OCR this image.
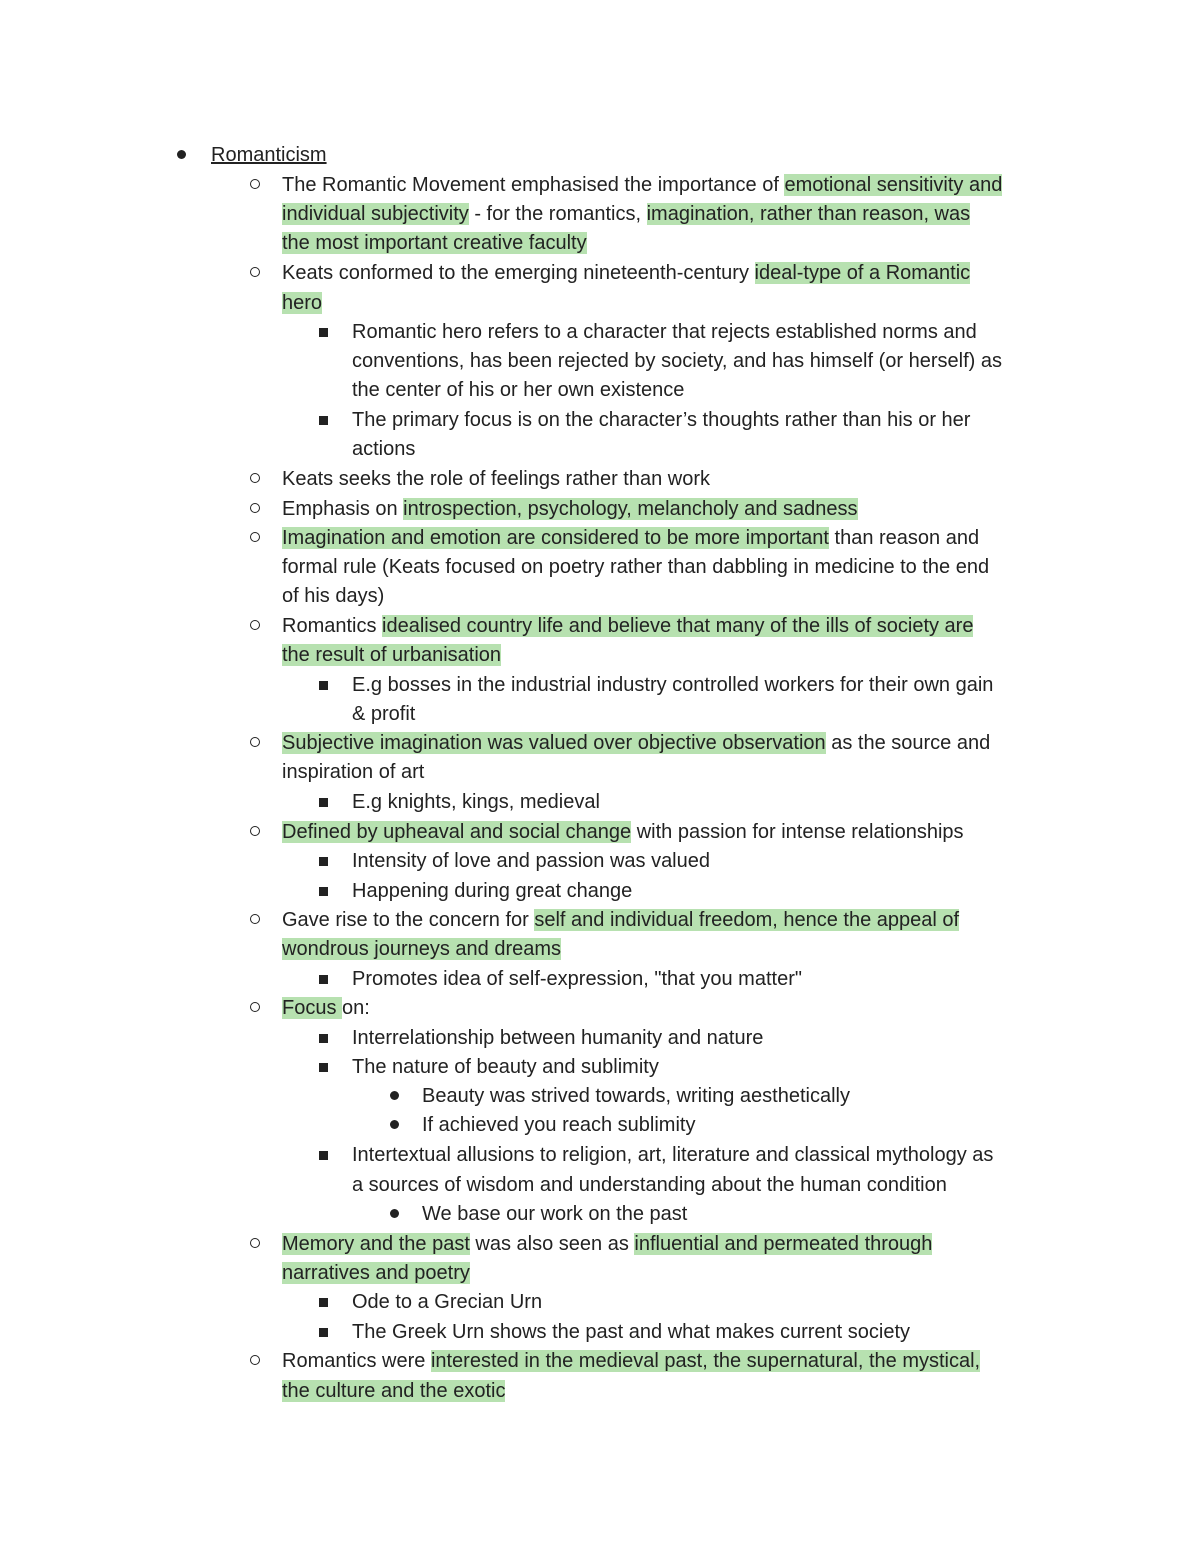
Romanticism
The Romantic Movement emphasised the importance of emotional sensitivity and
individual subjectivity - for the romantics, imagination, rather than reason, was
the most important creative faculty
Keats conformed to the emerging nineteenth-century ideal-type of a Romantic
hero
Romantic hero refers to a character that rejects established norms and
conventions, has been rejected by society, and has himself (or herself) as
the center of his or her own existence
The primary focus is on the character’s thoughts rather than his or her
actions
Keats seeks the role of feelings rather than work
Emphasis on introspection, psychology, melancholy and sadness
Imagination and emotion are considered to be more important than reason and
formal rule (Keats focused on poetry rather than dabbling in medicine to the end
of his days)
Romantics idealised country life and believe that many of the ills of society are
the result of urbanisation
E.g bosses in the industrial industry controlled workers for their own gain
& profit
Subjective imagination was valued over objective observation as the source and
inspiration of art
E.g knights, kings, medieval
Defined by upheaval and social change with passion for intense relationships
Intensity of love and passion was valued
Happening during great change
Gave rise to the concern for self and individual freedom, hence the appeal of
wondrous journeys and dreams
Promotes idea of self-expression, "that you matter"
Focus on:
Interrelationship between humanity and nature
The nature of beauty and sublimity
Beauty was strived towards, writing aesthetically
If achieved you reach sublimity
Intertextual allusions to religion, art, literature and classical mythology as
a sources of wisdom and understanding about the human condition
We base our work on the past
Memory and the past was also seen as influential and permeated through
narratives and poetry
Ode to a Grecian Urn
The Greek Urn shows the past and what makes current society
Romantics were interested in the medieval past, the supernatural, the mystical,
the culture and the exotic
